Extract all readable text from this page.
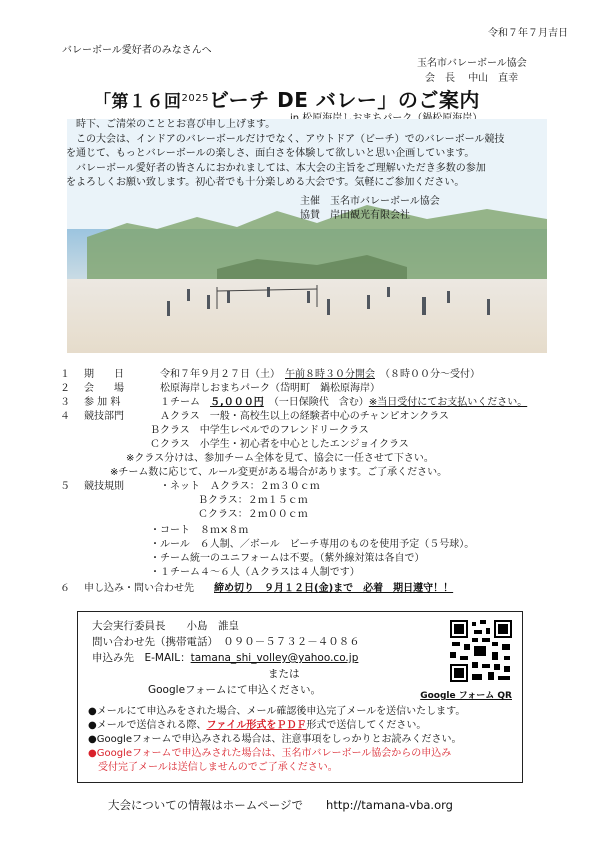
令和７年７月吉日
バレーボール愛好者のみなさんへ
玉名市バレーボール協会
会　長　 中山　直幸
「第１６回$^{2025}$ビーチ DE バレー」のご案内

　時下、ご清栄のこととお喜び申し上げます。

　この大会は、インドアのバレーボールだけでなく、アウトドア（ビーチ）でのバレーボール競技

を通じて、もっとバレーボールの楽しさ、面白さを体験して欲しいと思い企画しています。

　バレーボール愛好者の皆さんにおかれましては、本大会の主旨をご理解いただき多数の参加

をよろしくお願い致します。初心者でも十分楽しめる大会です。気軽にご参加ください。

主催　 玉名市バレーボール協会
協賛　 岸田観光有限会社
１　 期　　日	令和７年９月２７日（土）　 午前８時３０分開会　 （８時００分～受付）
２　 会　　場	松原海岸しおまちパーク（岱明町　鍋松原海岸）
３　 参 加 料	１チーム　 ５,０００円　 （一日保険代　含む）※当日受付にてお支払いください。
４　 競技部門	Ａクラス　一般・高校生以上の経験者中心のチャンピオンクラス
Ｂクラス　中学生レベルでのフレンドリークラス
Ｃクラス　小学生・初心者を中心としたエンジョイクラス
※クラス分けは、参加チーム全体を見て、協会に一任させて下さい。
※チーム数に応じて、ルール変更がある場合があります。ご了承ください。
５　 競技規則	・ネット　Ａクラス：２ｍ３０ｃｍ
Ｂクラス：２ｍ１５ｃｍ
Ｃクラス：２ｍ００ｃｍ
・コート　８ｍ×８ｍ
・ルール　６人制、／ボール　ビーチ専用のものを使用予定（５号球）。
・チーム統一のユニフォームは不要。（紫外線対策は各自で）
・１チーム４～６人（Ａクラスは４人制です）
６　 申し込み・問い合わせ先　　 締め切り　９月１２日(金)まで　必着　期日遵守！！
大会実行委員長　　小島　誰皇
問い合わせ先（携帯電話）　 ０９０－５７３２－４０８６
申込み先　E-MAIL：tamana_shi_volley@yahoo.co.jp
または
Googleフォームにて申込ください。	Google フォーム QR

●メールにて申込みをされた場合、メール確認後申込完了メールを送信いたします。

●メールで送信される際、ファイル形式をＰＤＦ形式で送信してください。

●Googleフォームで申込みされる場合は、注意事項をしっかりとお読みください。

●Googleフォームで申込みされた場合は、玉名市バレーボール協会からの申込み

　受付完了メールは送信しませんのでご了承ください。

大会についての情報はホームページで　　 http://tamana-vba.org
